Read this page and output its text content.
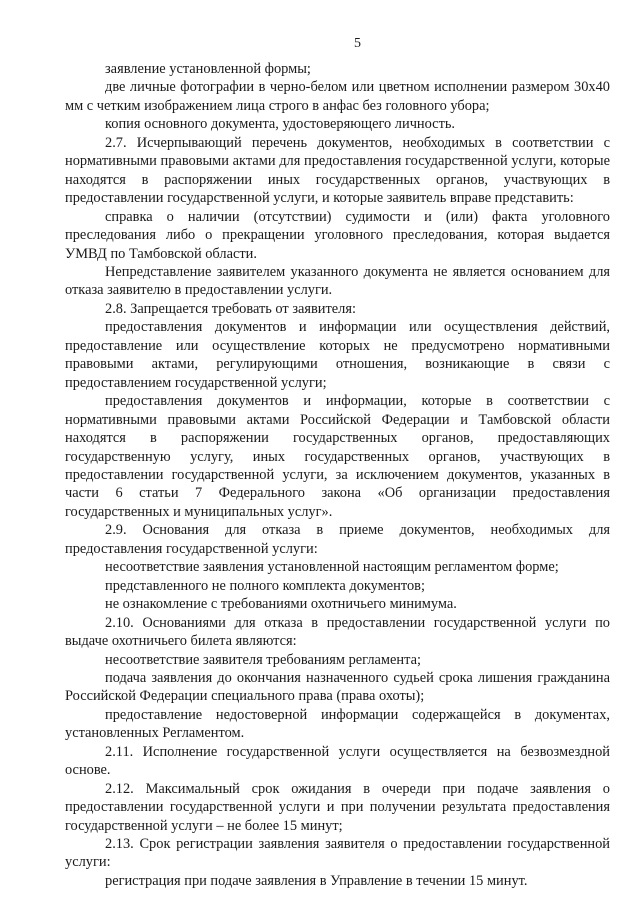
5

заявление установленной формы;

две личные фотографии в черно-белом или цветном исполнении размером 30х40 мм с четким изображением лица строго в анфас без головного убора;

копия основного документа, удостоверяющего личность.

2.7. Исчерпывающий перечень документов, необходимых в соответствии с нормативными правовыми актами для предоставления государственной услуги, которые находятся в распоряжении иных государственных органов, участвующих в предоставлении государственной услуги, и которые заявитель вправе представить:

справка о наличии (отсутствии) судимости и (или) факта уголовного преследования либо о прекращении уголовного преследования, которая выдается УМВД по Тамбовской области.

Непредставление заявителем указанного документа не является основанием для отказа заявителю в предоставлении услуги.

2.8. Запрещается требовать от заявителя:

предоставления документов и информации или осуществления действий, предоставление или осуществление которых не предусмотрено нормативными правовыми актами, регулирующими отношения, возникающие в связи с предоставлением государственной услуги;

предоставления документов и информации, которые в соответствии с нормативными правовыми актами Российской Федерации и Тамбовской области находятся в распоряжении государственных органов, предоставляющих государственную услугу, иных государственных органов, участвующих в предоставлении государственной услуги, за исключением документов, указанных в части 6 статьи 7 Федерального закона «Об организации предоставления государственных и муниципальных услуг».

2.9. Основания для отказа в приеме документов, необходимых для предоставления государственной услуги:

несоответствие заявления установленной настоящим регламентом форме;

представленного не полного комплекта документов;

не ознакомление с требованиями охотничьего минимума.

2.10. Основаниями для отказа в предоставлении государственной услуги по выдаче охотничьего билета являются:

несоответствие заявителя требованиям регламента;

подача заявления до окончания назначенного судьей срока лишения гражданина Российской Федерации специального права (права охоты);

предоставление недостоверной информации содержащейся в документах, установленных Регламентом.

2.11. Исполнение государственной услуги осуществляется на безвозмездной основе.

2.12. Максимальный срок ожидания в очереди при подаче заявления о предоставлении государственной услуги и при получении результата предоставления государственной услуги – не более 15 минут;

2.13. Срок регистрации заявления заявителя о предоставлении государственной услуги:

регистрация при подаче заявления в Управление в течении 15 минут.
